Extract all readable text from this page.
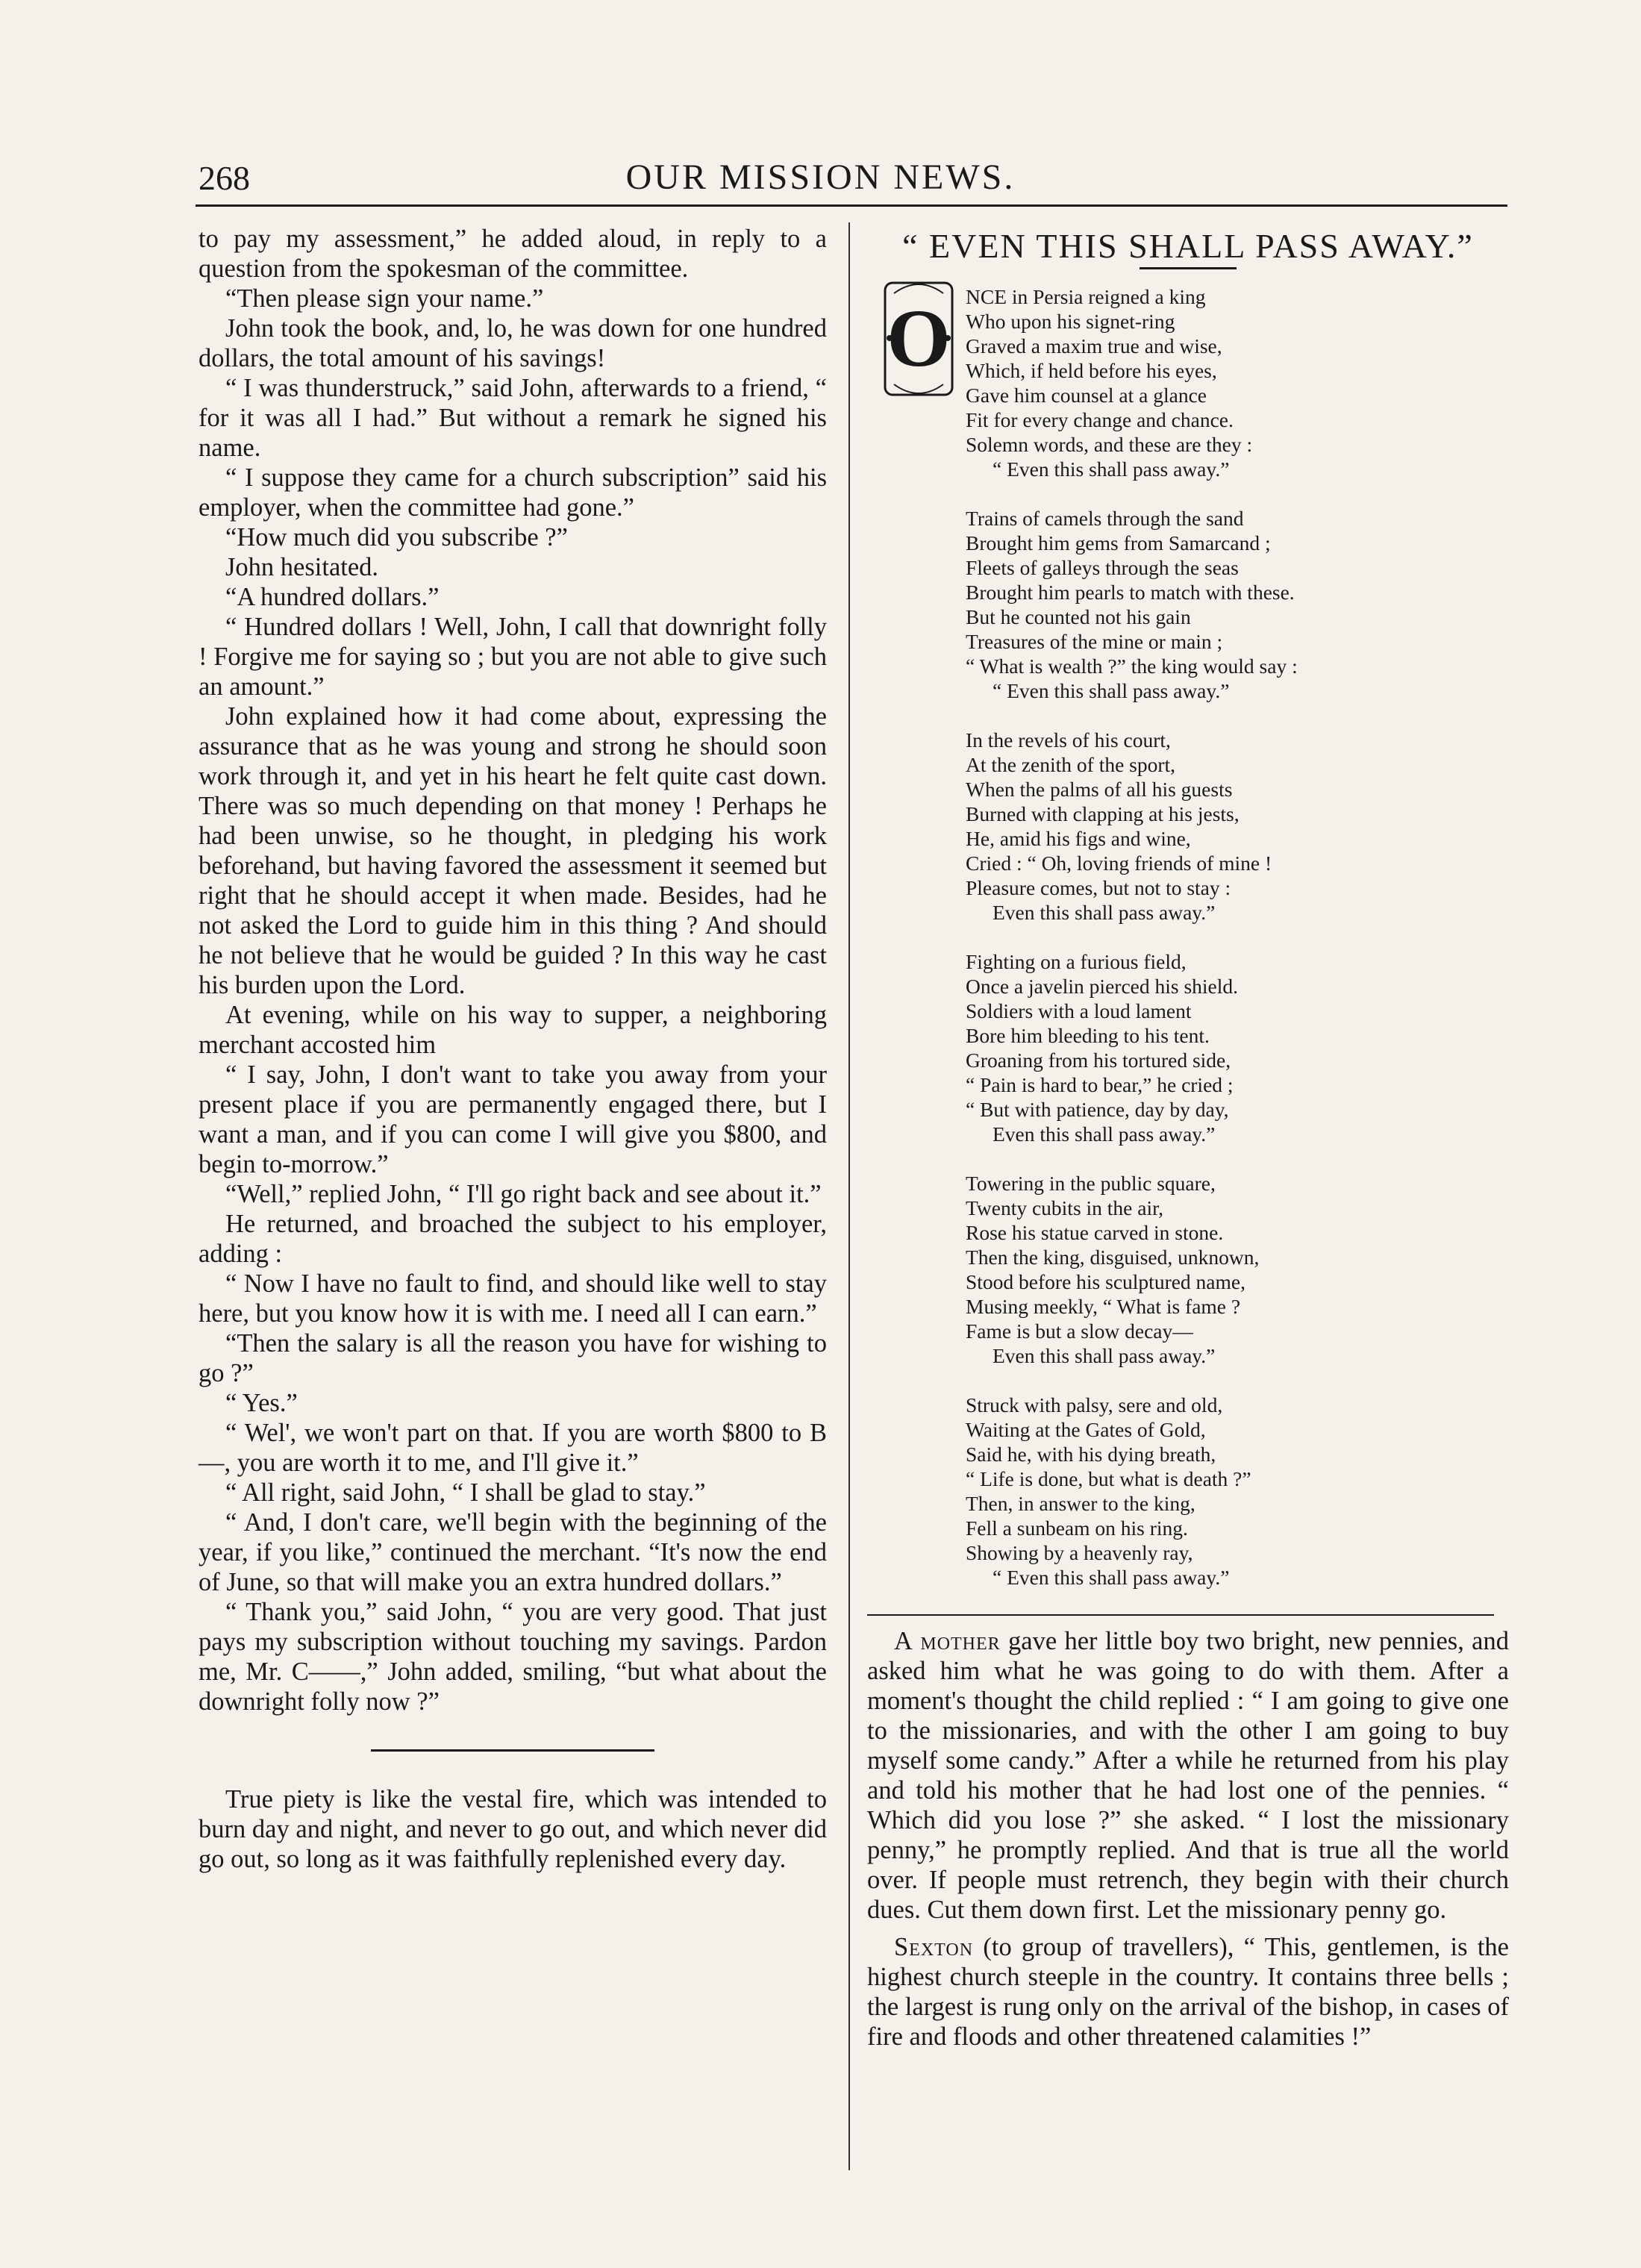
268	OUR MISSION NEWS.

to pay my assessment,” he added aloud, in reply to a question from the spokesman of the committee.

“Then please sign your name.”

John took the book, and, lo, he was down for one hundred dollars, the total amount of his savings!

“ I was thunderstruck,” said John, afterwards to a friend, “ for it was all I had.” But without a remark he signed his name.

“ I suppose they came for a church subscription” said his employer, when the committee had gone.”

“How much did you subscribe ?”

John hesitated.

“A hundred dollars.”

“ Hundred dollars ! Well, John, I call that downright folly ! Forgive me for saying so ; but you are not able to give such an amount.”

John explained how it had come about, expressing the assurance that as he was young and strong he should soon work through it, and yet in his heart he felt quite cast down. There was so much depending on that money ! Perhaps he had been unwise, so he thought, in pledging his work beforehand, but having favored the assessment it seemed but right that he should accept it when made. Besides, had he not asked the Lord to guide him in this thing ? And should he not believe that he would be guided ? In this way he cast his burden upon the Lord.

At evening, while on his way to supper, a neighboring merchant accosted him

“ I say, John, I don't want to take you away from your present place if you are permanently engaged there, but I want a man, and if you can come I will give you $800, and begin to-morrow.”

“Well,” replied John, “ I'll go right back and see about it.”

He returned, and broached the subject to his employer, adding :

“ Now I have no fault to find, and should like well to stay here, but you know how it is with me. I need all I can earn.”

“Then the salary is all the reason you have for wishing to go ?”

“ Yes.”

“ Wel', we won't part on that. If you are worth $800 to B—, you are worth it to me, and I'll give it.”

“ All right, said John, “ I shall be glad to stay.”

“ And, I don't care, we'll begin with the beginning of the year, if you like,” continued the merchant. “It's now the end of June, so that will make you an extra hundred dollars.”

“ Thank you,” said John, “ you are very good. That just pays my subscription without touching my savings. Pardon me, Mr. C——,” John added, smiling, “but what about the downright folly now ?”

True piety is like the vestal fire, which was intended to burn day and night, and never to go out, and which never did go out, so long as it was faithfully replenished every day.

“ EVEN THIS SHALL PASS AWAY.”
O NCE in Persia reigned a king
Who upon his signet-ring
Graved a maxim true and wise,
Which, if held before his eyes,
Gave him counsel at a glance
Fit for every change and chance.
Solemn words, and these are they :
“ Even this shall pass away.”
Trains of camels through the sand
Brought him gems from Samarcand ;
Fleets of galleys through the seas
Brought him pearls to match with these.
But he counted not his gain
Treasures of the mine or main ;
“ What is wealth ?” the king would say :
“ Even this shall pass away.”
In the revels of his court,
At the zenith of the sport,
When the palms of all his guests
Burned with clapping at his jests,
He, amid his figs and wine,
Cried : “ Oh, loving friends of mine !
Pleasure comes, but not to stay :
Even this shall pass away.”
Fighting on a furious field,
Once a javelin pierced his shield.
Soldiers with a loud lament
Bore him bleeding to his tent.
Groaning from his tortured side,
“ Pain is hard to bear,” he cried ;
“ But with patience, day by day,
Even this shall pass away.”
Towering in the public square,
Twenty cubits in the air,
Rose his statue carved in stone.
Then the king, disguised, unknown,
Stood before his sculptured name,
Musing meekly, “ What is fame ?
Fame is but a slow decay—
Even this shall pass away.”
Struck with palsy, sere and old,
Waiting at the Gates of Gold,
Said he, with his dying breath,
“ Life is done, but what is death ?”
Then, in answer to the king,
Fell a sunbeam on his ring.
Showing by a heavenly ray,
“ Even this shall pass away.”

A mother gave her little boy two bright, new pennies, and asked him what he was going to do with them. After a moment's thought the child replied : “ I am going to give one to the missionaries, and with the other I am going to buy myself some candy.” After a while he returned from his play and told his mother that he had lost one of the pennies. “ Which did you lose ?” she asked. “ I lost the missionary penny,” he promptly replied. And that is true all the world over. If people must retrench, they begin with their church dues. Cut them down first. Let the missionary penny go.

Sexton (to group of travellers), “ This, gentlemen, is the highest church steeple in the country. It contains three bells ; the largest is rung only on the arrival of the bishop, in cases of fire and floods and other threatened calamities !”
